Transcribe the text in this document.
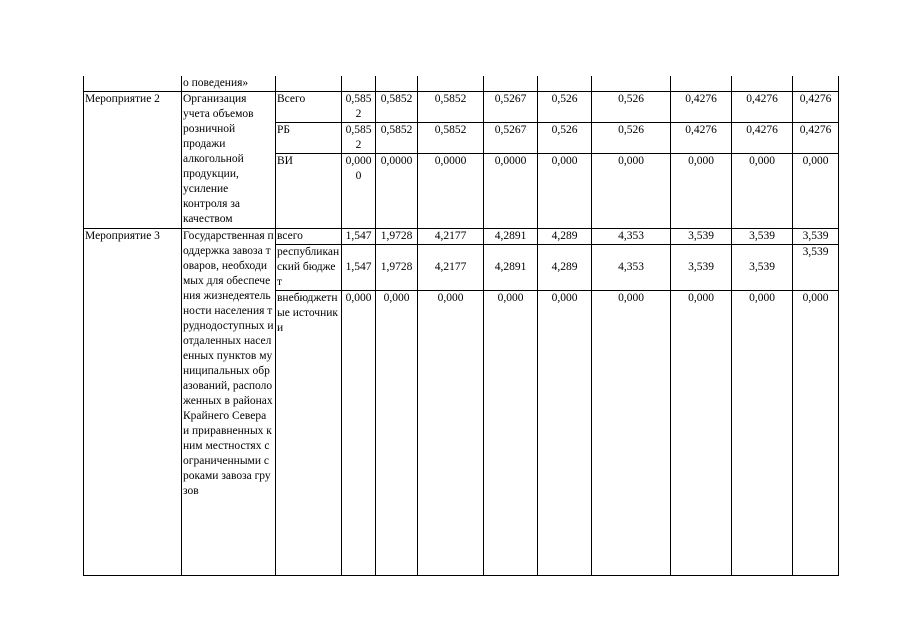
	о поведения»										
Мероприятие 2	Организация учета объемов розничной продажи алкогольной продукции, усиление контроля за качеством	Всего	0,5852	0,5852	0,5852	0,5267	0,526	0,526	0,4276	0,4276	0,4276
		РБ	0,5852	0,5852	0,5852	0,5267	0,526	0,526	0,4276	0,4276	0,4276
		ВИ	0,0000	0,0000	0,0000	0,0000	0,000	0,000	0,000	0,000	0,000
Мероприятие 3	Государственная поддержка завоза товаров, необходимых для обеспечения жизнедеятельности населения труднодоступных и отдаленных населенных пунктов муниципальных образований, расположенных в районах Крайнего Севера и приравненных к ним местностях с ограниченными сроками завоза грузов	всего	1,547	1,9728	4,2177	4,2891	4,289	4,353	3,539	3,539	3,539
		республиканский бюджет	1,547	1,9728	4,2177	4,2891	4,289	4,353	3,539	3,539	3,539
		внебюджетные источники	0,000	0,000	0,000	0,000	0,000	0,000	0,000	0,000	0,000
